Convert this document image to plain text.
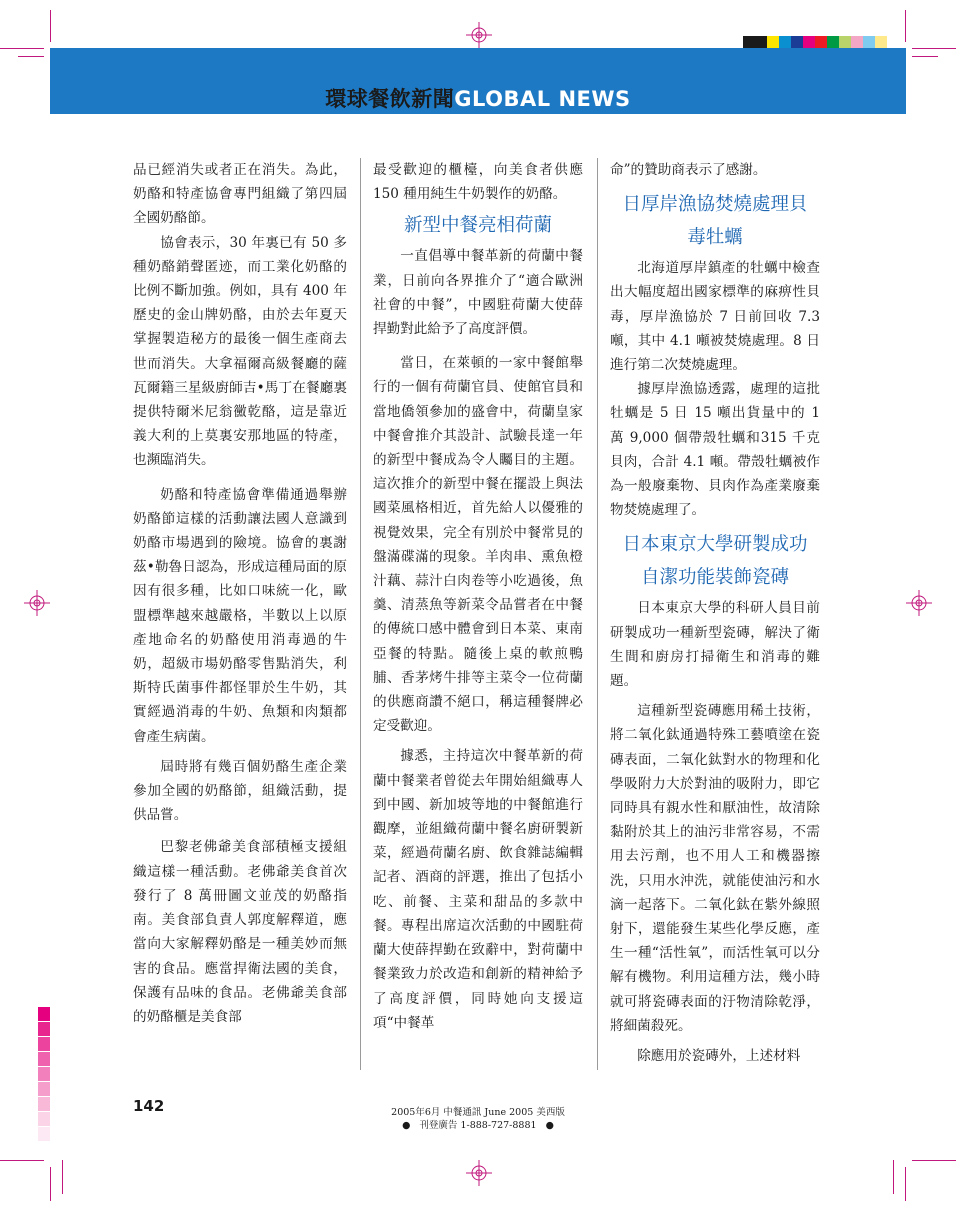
環球餐飲新聞GLOBAL NEWS

品已經消失或者正在消失。為此，奶酪和特產協會專門組織了第四屆全國奶酪節。

協會表示，30 年裏已有 50 多種奶酪銷聲匿迹，而工業化奶酪的比例不斷加強。例如，具有 400 年歷史的金山牌奶酪，由於去年夏天掌握製造秘方的最後一個生產商去世而消失。大拿福爾高級餐廳的薩瓦爾籍三星級廚師吉•馬丁在餐廳裏提供特爾米尼翁黴乾酪，這是靠近義大利的上莫裏安那地區的特產，也瀕臨消失。

奶酪和特產協會準備通過舉辦奶酪節這樣的活動讓法國人意識到奶酪市場遇到的險境。協會的裏謝茲•勒魯日認為，形成這種局面的原因有很多種，比如口味統一化，歐盟標準越來越嚴格，半數以上以原產地命名的奶酪使用消毒過的牛奶，超級市場奶酪零售點消失，利斯特氏菌事件都怪罪於生牛奶，其實經過消毒的牛奶、魚類和肉類都會產生病菌。

屆時將有幾百個奶酪生產企業參加全國的奶酪節，組織活動，提供品嘗。

巴黎老佛爺美食部積極支援組織這樣一種活動。老佛爺美食首次發行了 8 萬冊圖文並茂的奶酪指南。美食部負責人郭度解釋道，應當向大家解釋奶酪是一種美妙而無害的食品。應當捍衛法國的美食，保護有品味的食品。老佛爺美食部的奶酪櫃是美食部

最受歡迎的櫃檯，向美食者供應 150 種用純生牛奶製作的奶酪。

新型中餐亮相荷蘭

一直倡導中餐革新的荷蘭中餐業，日前向各界推介了“適合歐洲社會的中餐”，中國駐荷蘭大使薛捍勤對此給予了高度評價。

當日，在萊頓的一家中餐館舉行的一個有荷蘭官員、使館官員和當地僑領參加的盛會中，荷蘭皇家中餐會推介其設計、試驗長達一年的新型中餐成為令人矚目的主題。這次推介的新型中餐在擺設上與法國菜風格相近，首先給人以優雅的視覺效果，完全有別於中餐常見的盤滿碟滿的現象。羊肉串、熏魚橙汁藕、蒜汁白肉卷等小吃過後，魚羹、清蒸魚等新菜令品嘗者在中餐的傳統口感中體會到日本菜、東南亞餐的特點。隨後上桌的軟煎鴨脯、香茅烤牛排等主菜令一位荷蘭的供應商讚不絕口，稱這種餐牌必定受歡迎。

據悉，主持這次中餐革新的荷蘭中餐業者曾從去年開始組織專人到中國、新加坡等地的中餐館進行觀摩，並組織荷蘭中餐名廚研製新菜，經過荷蘭名廚、飲食雜誌編輯記者、酒商的評選，推出了包括小吃、前餐、主菜和甜品的多款中餐。專程出席這次活動的中國駐荷蘭大使薛捍勤在致辭中，對荷蘭中餐業致力於改造和創新的精神給予了高度評價，同時她向支援這項“中餐革

命”的贊助商表示了感謝。

日厚岸漁協焚燒處理貝
毒牡蠣

北海道厚岸鎮產的牡蠣中檢查出大幅度超出國家標準的麻痹性貝毒，厚岸漁協於 7 日前回收 7.3 噸，其中 4.1 噸被焚燒處理。8 日進行第二次焚燒處理。

據厚岸漁協透露，處理的這批牡蠣是 5 日 15 噸出貨量中的 1 萬 9,000 個帶殼牡蠣和315 千克貝肉，合計 4.1 噸。帶殼牡蠣被作為一般廢棄物、貝肉作為產業廢棄物焚燒處理了。

日本東京大學研製成功
自潔功能裝飾瓷磚

日本東京大學的科研人員目前研製成功一種新型瓷磚，解決了衛生間和廚房打掃衛生和消毒的難題。

這種新型瓷磚應用稀土技術，將二氧化鈦通過特殊工藝噴塗在瓷磚表面，二氧化鈦對水的物理和化學吸附力大於對油的吸附力，即它同時具有親水性和厭油性，故清除黏附於其上的油污非常容易，不需用去污劑，也不用人工和機器擦洗，只用水沖洗，就能使油污和水滴一起落下。二氧化鈦在紫外線照射下，還能發生某些化學反應，產生一種“活性氧”，而活性氧可以分解有機物。利用這種方法，幾小時就可將瓷磚表面的汙物清除乾淨，將細菌殺死。

除應用於瓷磚外，上述材料

142	2005年6月 中餐通訊 June 2005 美西版
● 刊登廣告 1-888-727-8881 ●
